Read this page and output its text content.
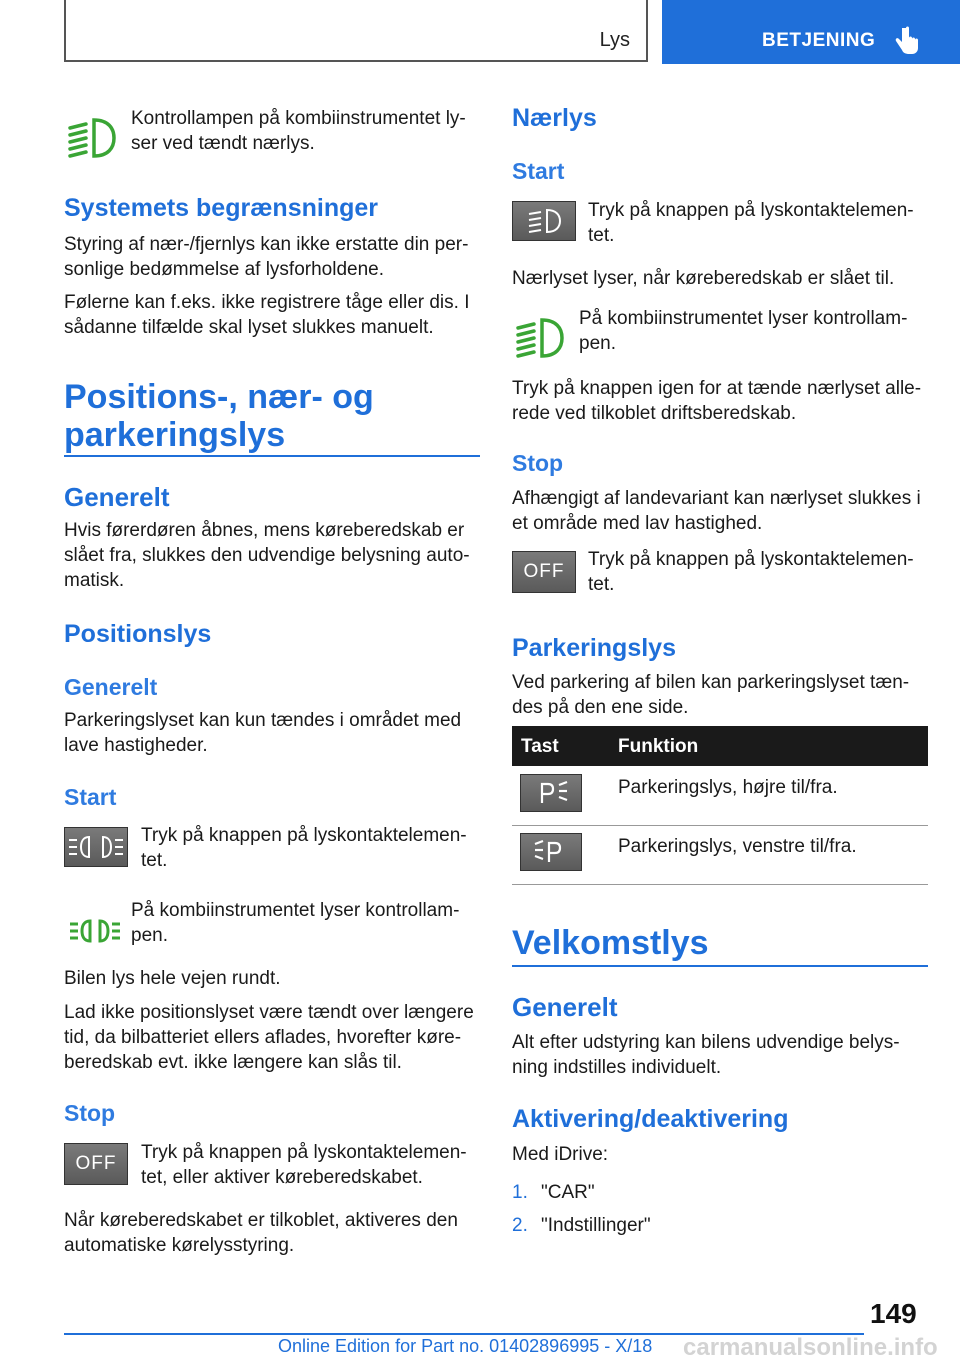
Lys	BETJENING
Kontrollampen på kombiinstrumentet ly-
ser ved tændt nærlys.
Systemets begrænsninger
Styring af nær-/fjernlys kan ikke erstatte din per-
sonlige bedømmelse af lysforholdene.
Følerne kan f.eks. ikke registrere tåge eller dis. I
sådanne tilfælde skal lyset slukkes manuelt.
Positions-, nær- og
parkeringslys
Generelt
Hvis førerdøren åbnes, mens køreberedskab er
slået fra, slukkes den udvendige belysning auto-
matisk.
Positionslys
Generelt
Parkeringslyset kan kun tændes i området med
lave hastigheder.
Start
Tryk på knappen på lyskontaktelemen-
tet.
På kombiinstrumentet lyser kontrollam-
pen.
Bilen lys hele vejen rundt.
Lad ikke positionslyset være tændt over længere
tid, da bilbatteriet ellers aflades, hvorefter køre-
beredskab evt. ikke længere kan slås til.
Stop
OFF
Tryk på knappen på lyskontaktelemen-
tet, eller aktiver køreberedskabet.
Når køreberedskabet er tilkoblet, aktiveres den
automatiske kørelysstyring.
Nærlys
Start
Tryk på knappen på lyskontaktelemen-
tet.
Nærlyset lyser, når køreberedskab er slået til.
På kombiinstrumentet lyser kontrollam-
pen.
Tryk på knappen igen for at tænde nærlyset alle-
rede ved tilkoblet driftsberedskab.
Stop
Afhængigt af landevariant kan nærlyset slukkes i
et område med lav hastighed.
OFF
Tryk på knappen på lyskontaktelemen-
tet.
Parkeringslys
Ved parkering af bilen kan parkeringslyset tæn-
des på den ene side.
Tast	Funktion
Parkeringslys, højre til/fra.
Parkeringslys, venstre til/fra.
Velkomstlys
Generelt
Alt efter udstyring kan bilens udvendige belys-
ning indstilles individuelt.
Aktivering/deaktivering
Med iDrive:
1. "CAR"
2. "Indstillinger"
149
Online Edition for Part no. 01402896995 - X/18 carmanualsonline.info
